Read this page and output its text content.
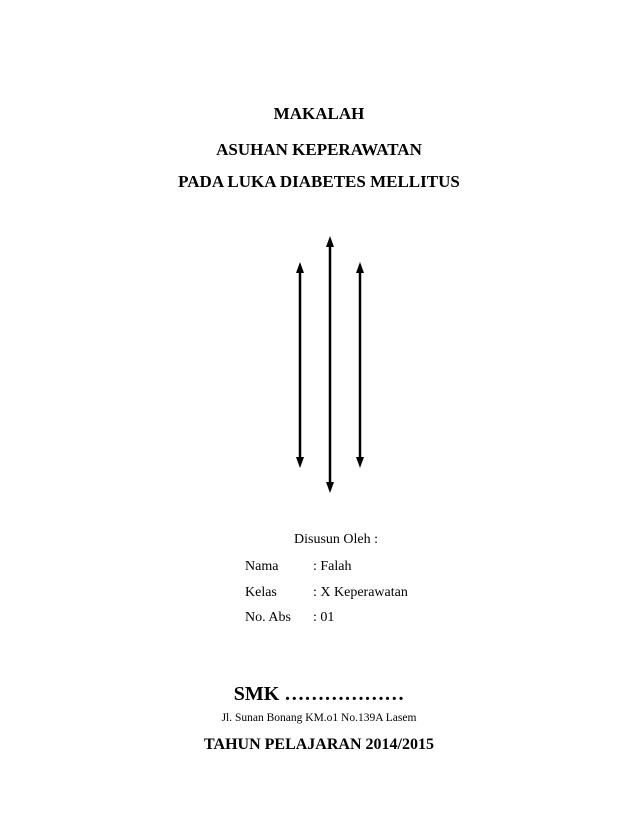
MAKALAH
ASUHAN KEPERAWATAN
PADA LUKA DIABETES MELLITUS
Disusun Oleh :
Nama : Falah
Kelas	: X Keperawatan
No. Abs : 01
SMK ………………
Jl. Sunan Bonang KM.o1 No.139A Lasem
TAHUN PELAJARAN 2014/2015
